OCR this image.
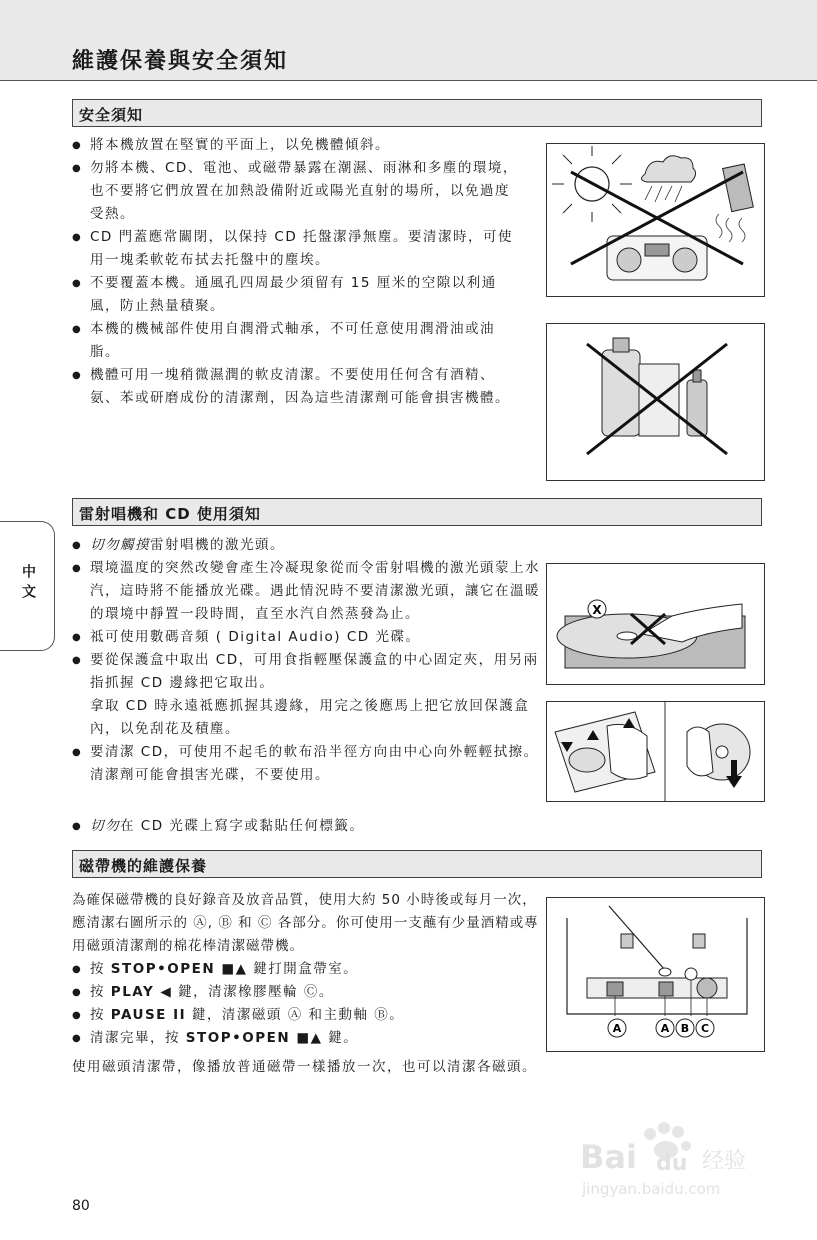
維護保養與安全須知
中文
安全須知
● 將本機放置在堅實的平面上，以免機體傾斜。
● 勿將本機、CD、電池、或磁帶暴露在潮濕、雨淋和多塵的環境，也不要將它們放置在加熱設備附近或陽光直射的場所，以免過度受熱。
● CD 門蓋應常關閉，以保持 CD 托盤潔淨無塵。要清潔時，可使用一塊柔軟乾布拭去托盤中的塵埃。
● 不要覆蓋本機。通風孔四周最少須留有 15 厘米的空隙以利通風，防止熱量積聚。
● 本機的機械部件使用自潤滑式軸承，不可任意使用潤滑油或油脂。
● 機體可用一塊稍微濕潤的軟皮清潔。不要使用任何含有酒精、氨、苯或研磨成份的清潔劑，因為這些清潔劑可能會損害機體。
雷射唱機和 CD 使用須知
● 切勿觸摸雷射唱機的激光頭。
● 環境溫度的突然改變會產生冷凝現象從而令雷射唱機的激光頭蒙上水汽，這時將不能播放光碟。遇此情況時不要清潔激光頭，讓它在溫暖的環境中靜置一段時間，直至水汽自然蒸發為止。
● 祗可使用數碼音頻 ( Digital Audio) CD 光碟。
● 要從保護盒中取出 CD，可用食指輕壓保護盒的中心固定夾，用另兩指抓握 CD 邊緣把它取出。
拿取 CD 時永遠祗應抓握其邊緣，用完之後應馬上把它放回保護盒內，以免刮花及積塵。
● 要清潔 CD，可使用不起毛的軟布沿半徑方向由中心向外輕輕拭擦。清潔劑可能會損害光碟，不要使用。
● 切勿在 CD 光碟上寫字或黏貼任何標籤。
X
磁帶機的維護保養
為確保磁帶機的良好錄音及放音品質，使用大約 50 小時後或每月一次，應清潔右圖所示的 Ⓐ, Ⓑ 和 Ⓒ 各部分。你可使用一支蘸有少量酒精或專用磁頭清潔劑的棉花棒清潔磁帶機。
● 按 STOP•OPEN ■▲ 鍵打開盒帶室。
● 按 PLAY ◀ 鍵，清潔橡膠壓輪 Ⓒ。
● 按 PAUSE II 鍵，清潔磁頭 Ⓐ 和主動軸 Ⓑ。
● 清潔完畢，按 STOP•OPEN ■▲ 鍵。
使用磁頭清潔帶，像播放普通磁帶一樣播放一次，也可以清潔各磁頭。
A	A B C
80
Bai du 经验
jingyan.baidu.com
